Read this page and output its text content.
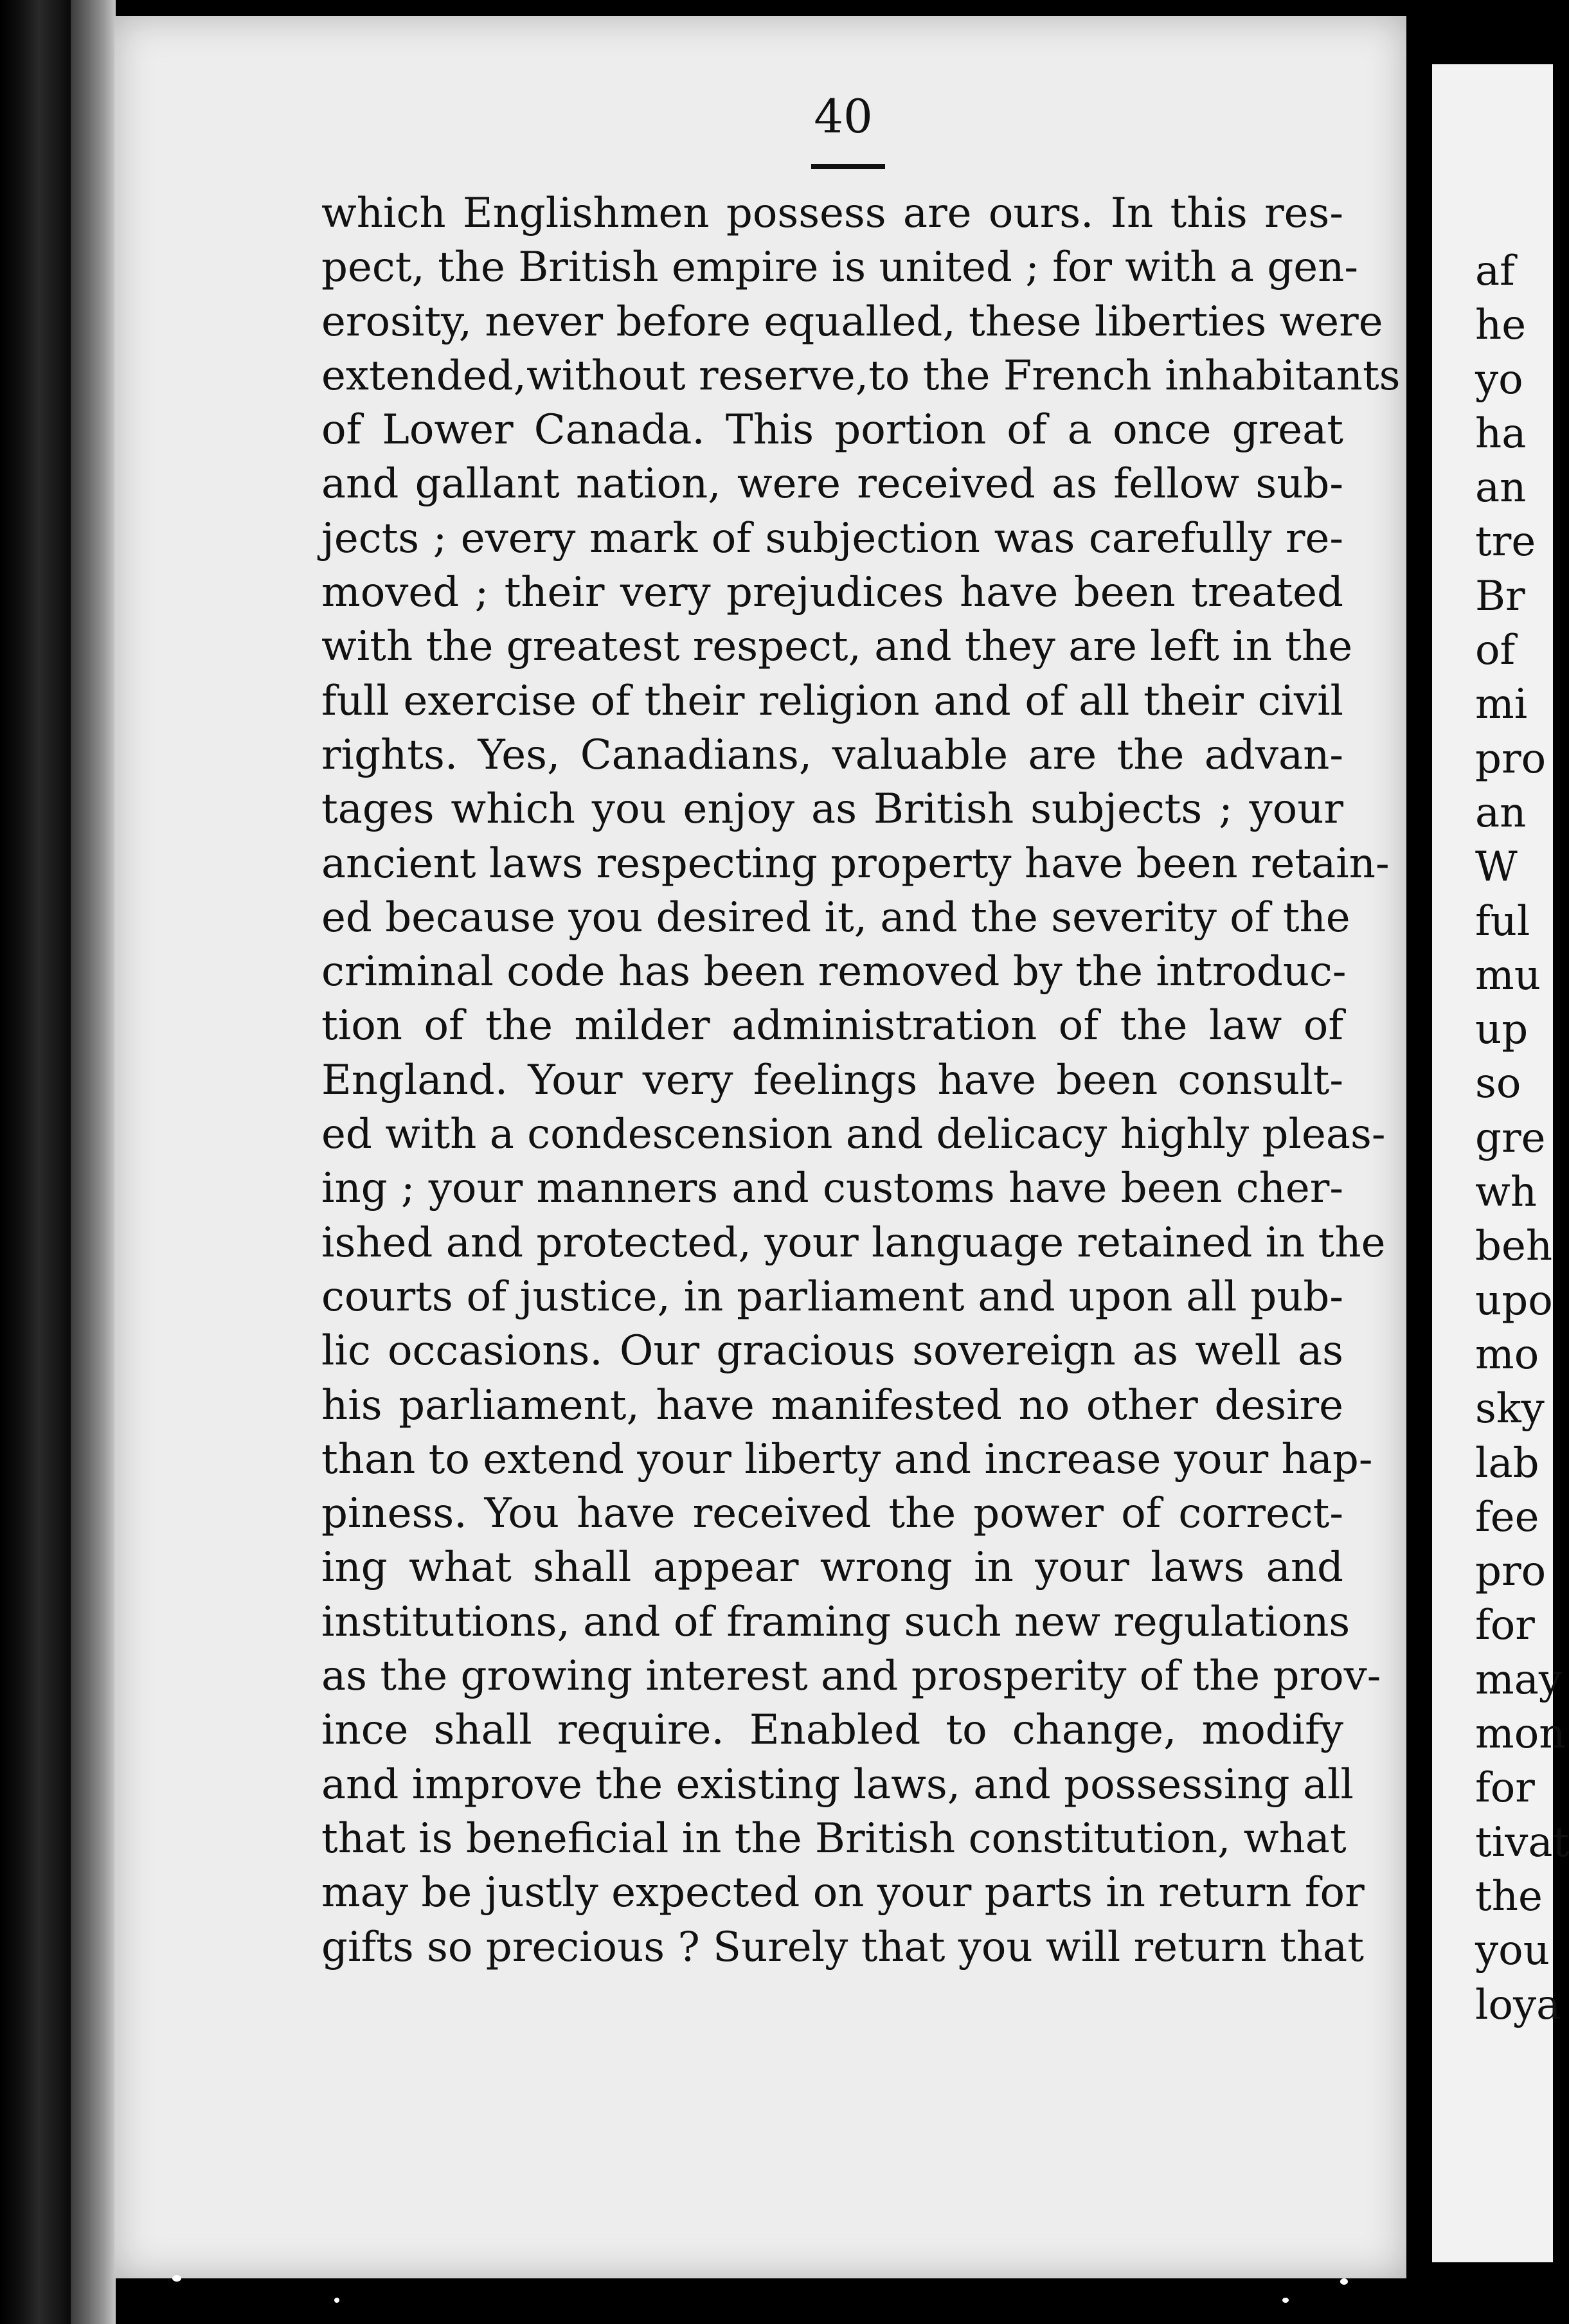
40
which Englishmen possess are ours. In this res-
pect, the British empire is united ; for with a gen-
erosity, never before equalled, these liberties were
extended,without reserve,to the French inhabitants
of Lower Canada. This portion of a once great
and gallant nation, were received as fellow sub-
jects ; every mark of subjection was carefully re-
moved ; their very prejudices have been treated
with the greatest respect, and they are left in the
full exercise of their religion and of all their civil
rights. Yes, Canadians, valuable are the advan-
tages which you enjoy as British subjects ; your
ancient laws respecting property have been retain-
ed because you desired it, and the severity of the
criminal code has been removed by the introduc-
tion of the milder administration of the law of
England. Your very feelings have been consult-
ed with a condescension and delicacy highly pleas-
ing ; your manners and customs have been cher-
ished and protected, your language retained in the
courts of justice, in parliament and upon all pub-
lic occasions. Our gracious sovereign as well as
his parliament, have manifested no other desire
than to extend your liberty and increase your hap-
piness. You have received the power of correct-
ing what shall appear wrong in your laws and
institutions, and of framing such new regulations
as the growing interest and prosperity of the prov-
ince shall require. Enabled to change, modify
and improve the existing laws, and possessing all
that is beneficial in the British constitution, what
may be justly expected on your parts in return for
gifts so precious ? Surely that you will return that
af
he
yo
ha
an
tre
Br
of
mi
pro
an
W
ful
mu
up
so
gre
wh
beh
upo
mo
sky
lab
fee
pro
for
may
mon
for
tivat
the
you
loya
